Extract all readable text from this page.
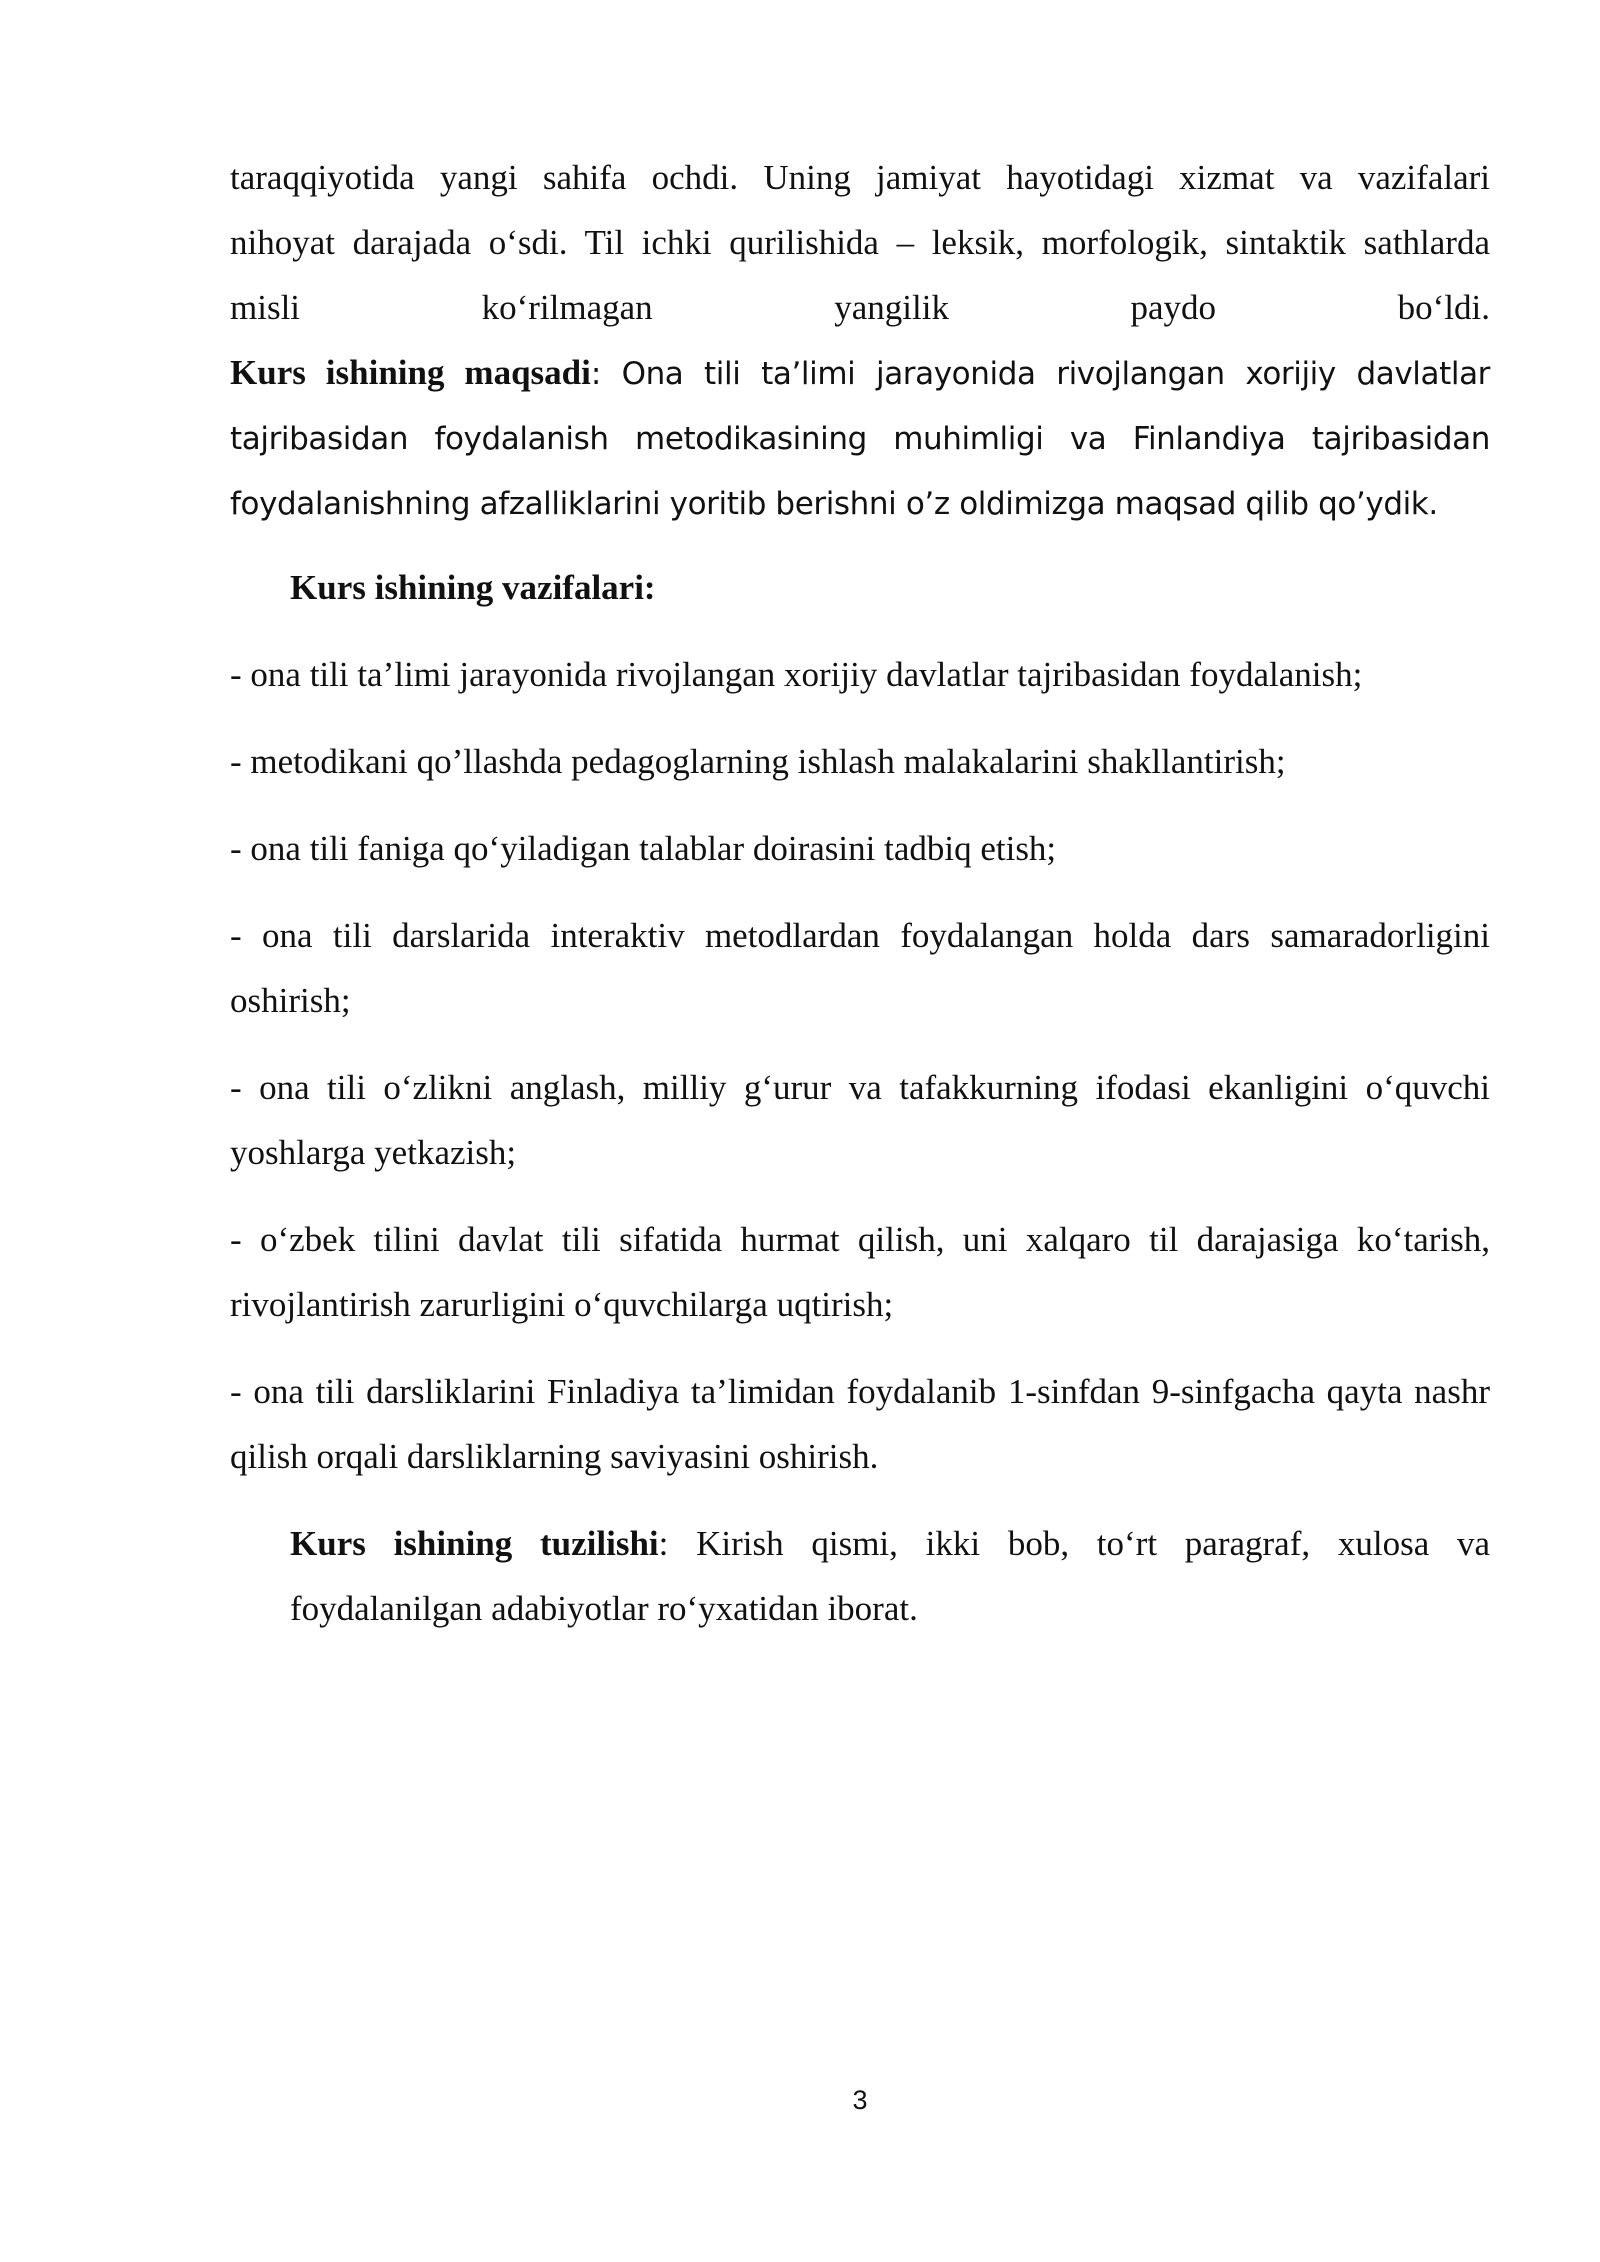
taraqqiyotida yangi sahifa ochdi. Uning jamiyat hayotidagi xizmat va vazifalari

nihoyat darajada o‘sdi. Til ichki qurilishida – leksik, morfologik, sintaktik sathlarda

misli ko‘rilmagan yangilik paydo bo‘ldi.

Kurs ishining maqsadi: Ona tili ta’limi jarayonida rivojlangan xorijiy davlatlar

tajribasidan foydalanish metodikasining muhimligi va Finlandiya tajribasidan

foydalanishning afzalliklarini yoritib berishni o’z oldimizga maqsad qilib qo’ydik.

Kurs ishining vazifalari:

- ona tili ta’limi jarayonida rivojlangan xorijiy davlatlar tajribasidan foydalanish;

- metodikani qo’llashda pedagoglarning ishlash malakalarini shakllantirish;

- ona tili faniga qo‘yiladigan talablar doirasini tadbiq etish;

- ona tili darslarida interaktiv metodlardan foydalangan holda dars samaradorligini oshirish;

- ona tili o‘zlikni anglash, milliy g‘urur va tafakkurning ifodasi ekanligini o‘quvchi yoshlarga yetkazish;

- o‘zbek tilini davlat tili sifatida hurmat qilish, uni xalqaro til darajasiga ko‘tarish, rivojlantirish zarurligini o‘quvchilarga uqtirish;

- ona tili darsliklarini Finladiya ta’limidan foydalanib 1-sinfdan 9-sinfgacha qayta nashr qilish orqali darsliklarning saviyasini oshirish.

Kurs ishining tuzilishi: Kirish qismi, ikki bob, to‘rt paragraf, xulosa va foydalanilgan adabiyotlar ro‘yxatidan iborat.

3
